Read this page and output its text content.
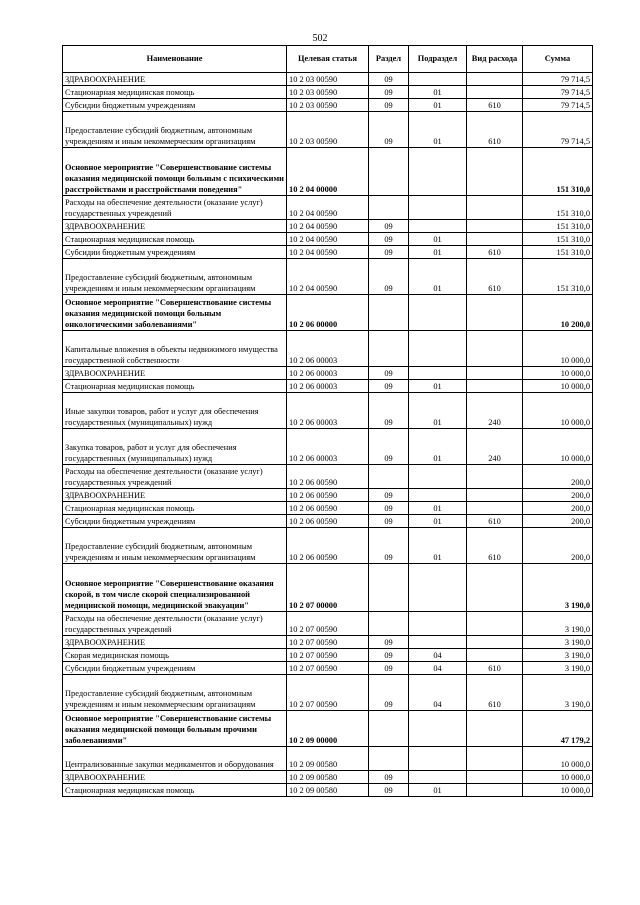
502
Наименование	Целевая статья	Раздел	Подраздел	Вид расхода	Сумма
ЗДРАВООХРАНЕНИЕ	10 2 03 00590	09			79 714,5
Стационарная медицинская помощь	10 2 03 00590	09	01		79 714,5
Субсидии бюджетным учреждениям	10 2 03 00590	09	01	610	79 714,5
Предоставление субсидий бюджетным, автономным учреждениям и иным некоммерческим организациям	10 2 03 00590	09	01	610	79 714,5
Основное мероприятие "Совершенствование системы оказания медицинской помощи больным с психическими расстройствами и расстройствами поведения"	10 2 04 00000				151 310,0
Расходы на обеспечение деятельности (оказание услуг) государственных учреждений	10 2 04 00590				151 310,0
ЗДРАВООХРАНЕНИЕ	10 2 04 00590	09			151 310,0
Стационарная медицинская помощь	10 2 04 00590	09	01		151 310,0
Субсидии бюджетным учреждениям	10 2 04 00590	09	01	610	151 310,0
Предоставление субсидий бюджетным, автономным учреждениям и иным некоммерческим организациям	10 2 04 00590	09	01	610	151 310,0
Основное мероприятие "Совершенствование системы оказания медицинской помощи больным онкологическими заболеваниями"	10 2 06 00000				10 200,0
Капитальные вложения в объекты недвижимого имущества государственной собственности	10 2 06 00003				10 000,0
ЗДРАВООХРАНЕНИЕ	10 2 06 00003	09			10 000,0
Стационарная медицинская помощь	10 2 06 00003	09	01		10 000,0
Иные закупки товаров, работ и услуг для обеспечения государственных (муниципальных) нужд	10 2 06 00003	09	01	240	10 000,0
Закупка товаров, работ и услуг для обеспечения государственных (муниципальных) нужд	10 2 06 00003	09	01	240	10 000,0
Расходы на обеспечение деятельности (оказание услуг) государственных учреждений	10 2 06 00590				200,0
ЗДРАВООХРАНЕНИЕ	10 2 06 00590	09			200,0
Стационарная медицинская помощь	10 2 06 00590	09	01		200,0
Субсидии бюджетным учреждениям	10 2 06 00590	09	01	610	200,0
Предоставление субсидий бюджетным, автономным учреждениям и иным некоммерческим организациям	10 2 06 00590	09	01	610	200,0
Основное мероприятие "Совершенствование оказания скорой, в том числе скорой специализированной медицинской помощи, медицинской эвакуации"	10 2 07 00000				3 190,0
Расходы на обеспечение деятельности (оказание услуг) государственных учреждений	10 2 07 00590				3 190,0
ЗДРАВООХРАНЕНИЕ	10 2 07 00590	09			3 190,0
Скорая медицинская помощь	10 2 07 00590	09	04		3 190,0
Субсидии бюджетным учреждениям	10 2 07 00590	09	04	610	3 190,0
Предоставление субсидий бюджетным, автономным учреждениям и иным некоммерческим организациям	10 2 07 00590	09	04	610	3 190,0
Основное мероприятие "Совершенствование системы оказания медицинской помощи больным прочими заболеваниями"	10 2 09 00000				47 179,2
Централизованные закупки медикаментов и оборудования	10 2 09 00580				10 000,0
ЗДРАВООХРАНЕНИЕ	10 2 09 00580	09			10 000,0
Стационарная медицинская помощь	10 2 09 00580	09	01		10 000,0
